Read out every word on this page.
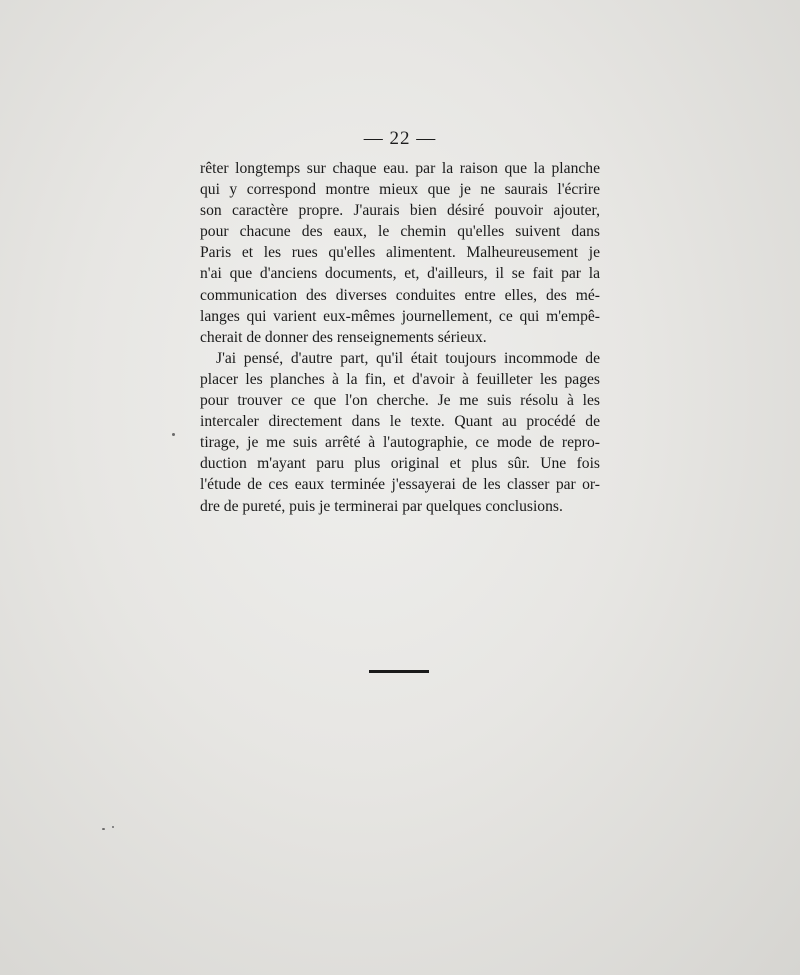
— 22 —

rêter longtemps sur chaque eau. par la raison que la planche
qui y correspond montre mieux que je ne saurais l'écrire
son caractère propre. J'aurais bien désiré pouvoir ajouter,
pour chacune des eaux, le chemin qu'elles suivent dans
Paris et les rues qu'elles alimentent. Malheureusement je
n'ai que d'anciens documents, et, d'ailleurs, il se fait par la
communication des diverses conduites entre elles, des mé-
langes qui varient eux-mêmes journellement, ce qui m'empê-
cherait de donner des renseignements sérieux.

J'ai pensé, d'autre part, qu'il était toujours incommode de
placer les planches à la fin, et d'avoir à feuilleter les pages
pour trouver ce que l'on cherche. Je me suis résolu à les
intercaler directement dans le texte. Quant au procédé de
tirage, je me suis arrêté à l'autographie, ce mode de repro-
duction m'ayant paru plus original et plus sûr. Une fois
l'étude de ces eaux terminée j'essayerai de les classer par or-
dre de pureté, puis je terminerai par quelques conclusions.
